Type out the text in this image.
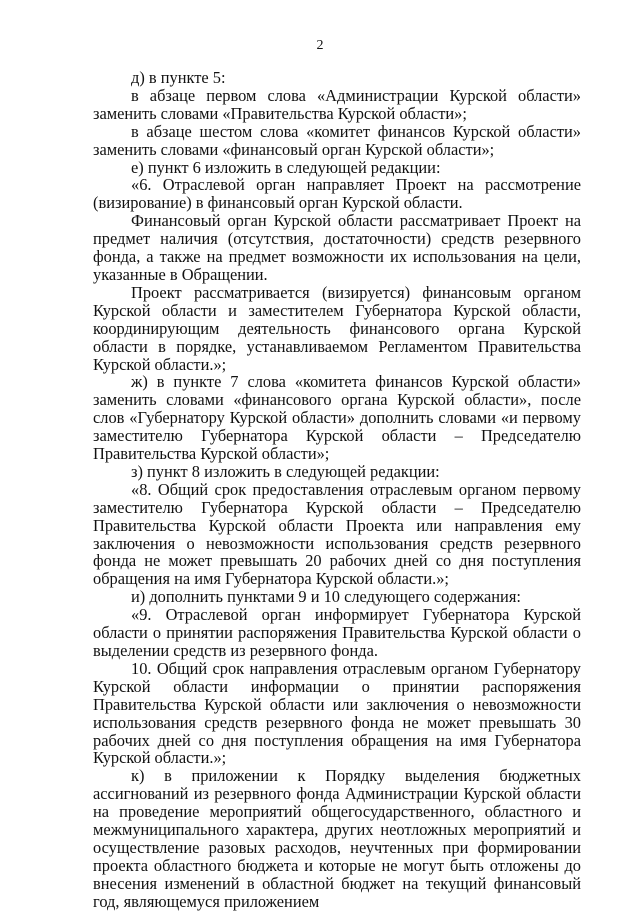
2

д) в пункте 5:

в абзаце первом слова «Администрации Курской области» заменить словами «Правительства Курской области»;

в абзаце шестом слова «комитет финансов Курской области» заменить словами «финансовый орган Курской области»;

е) пункт 6 изложить в следующей редакции:

«6. Отраслевой орган направляет Проект на рассмотрение (визирование) в финансовый орган Курской области.

Финансовый орган Курской области рассматривает Проект на предмет наличия (отсутствия, достаточности) средств резервного фонда, а также на предмет возможности их использования на цели, указанные в Обращении.

Проект рассматривается (визируется) финансовым органом Курской области и заместителем Губернатора Курской области, координирующим деятельность финансового органа Курской области в порядке, устанавливаемом Регламентом Правительства Курской области.»;

ж) в пункте 7 слова «комитета финансов Курской области» заменить словами «финансового органа Курской области», после слов «Губернатору Курской области» дополнить словами «и первому заместителю Губернатора Курской области – Председателю Правительства Курской области»;

з) пункт 8 изложить в следующей редакции:

«8. Общий срок предоставления отраслевым органом первому заместителю Губернатора Курской области – Председателю Правительства Курской области Проекта или направления ему заключения о невозможности использования средств резервного фонда не может превышать 20 рабочих дней со дня поступления обращения на имя Губернатора Курской области.»;

и) дополнить пунктами 9 и 10 следующего содержания:

«9. Отраслевой орган информирует Губернатора Курской области о принятии распоряжения Правительства Курской области о выделении средств из резервного фонда.

10. Общий срок направления отраслевым органом Губернатору Курской области информации о принятии распоряжения Правительства Курской области или заключения о невозможности использования средств резервного фонда не может превышать 30 рабочих дней со дня поступления обращения на имя Губернатора Курской области.»;

к) в приложении к Порядку выделения бюджетных ассигнований из резервного фонда Администрации Курской области на проведение мероприятий общегосударственного, областного и межмуниципального характера, других неотложных мероприятий и осуществление разовых расходов, неучтенных при формировании проекта областного бюджета и которые не могут быть отложены до внесения изменений в областной бюджет на текущий финансовый год, являющемуся приложением
